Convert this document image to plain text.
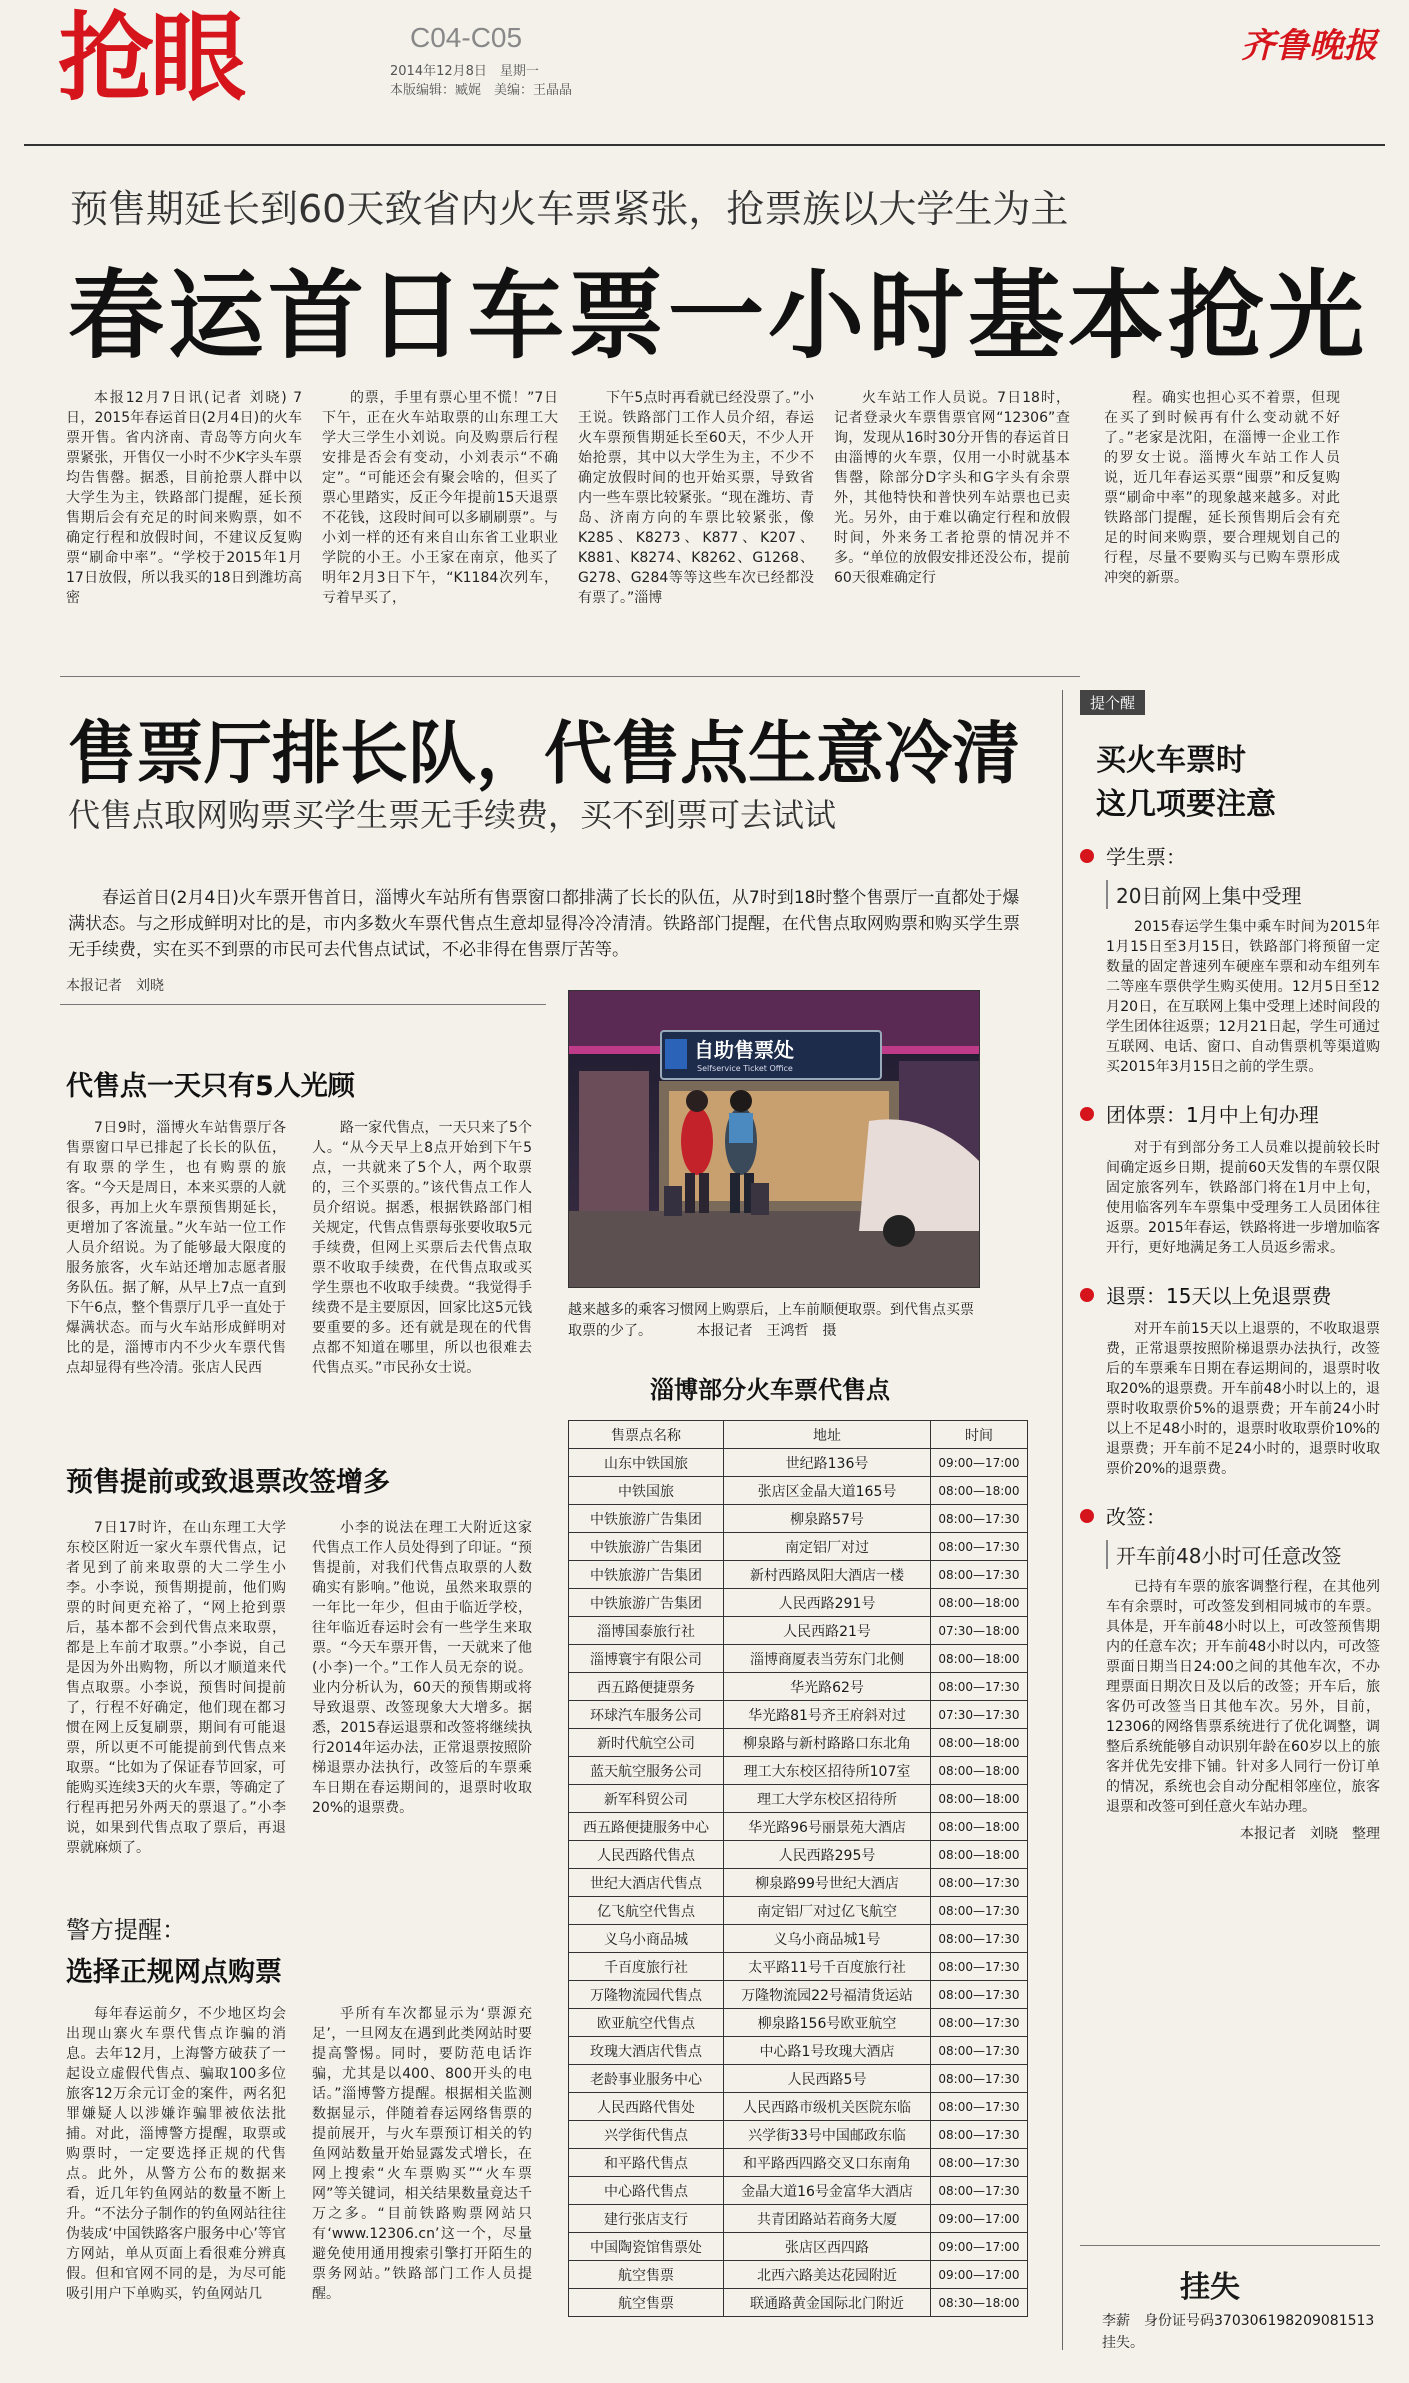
抢眼	C04-C05
2014年12月8日　星期一
本版编辑：臧娓　美编：王晶晶
齐鲁晚报
预售期延长到60天致省内火车票紧张，抢票族以大学生为主
春运首日车票一小时基本抢光

本报12月7日讯(记者 刘晓) 7日，2015年春运首日(2月4日)的火车票开售。省内济南、青岛等方向火车票紧张，开售仅一小时不少K字头车票均告售罄。据悉，目前抢票人群中以大学生为主，铁路部门提醒，延长预售期后会有充足的时间来购票，如不确定行程和放假时间，不建议反复购票“刷命中率”。“学校于2015年1月17日放假，所以我买的18日到潍坊高密

的票，手里有票心里不慌！”7日下午，正在火车站取票的山东理工大学大三学生小刘说。向及购票后行程安排是否会有变动，小刘表示“不确定”。“可能还会有聚会啥的，但买了票心里踏实，反正今年提前15天退票不花钱，这段时间可以多刷刷票”。与小刘一样的还有来自山东省工业职业学院的小王。小王家在南京，他买了明年2月3日下午，“K1184次列车，亏着早买了，

下午5点时再看就已经没票了。”小王说。铁路部门工作人员介绍，春运火车票预售期延长至60天，不少人开始抢票，其中以大学生为主，不少不确定放假时间的也开始买票，导致省内一些车票比较紧张。“现在潍坊、青岛、济南方向的车票比较紧张，像K285、K8273、K877、K207、K881、K8274、K8262、G1268、G278、G284等等这些车次已经都没有票了。”淄博

火车站工作人员说。7日18时，记者登录火车票售票官网“12306”查询，发现从16时30分开售的春运首日由淄博的火车票，仅用一小时就基本售罄，除部分D字头和G字头有余票外，其他特快和普快列车站票也已卖光。另外，由于难以确定行程和放假时间，外来务工者抢票的情况并不多。“单位的放假安排还没公布，提前60天很难确定行

程。确实也担心买不着票，但现在买了到时候再有什么变动就不好了。”老家是沈阳，在淄博一企业工作的罗女士说。淄博火车站工作人员说，近几年春运买票“囤票”和反复购票“刷命中率”的现象越来越多。对此铁路部门提醒，延长预售期后会有充足的时间来购票，要合理规划自己的行程，尽量不要购买与已购车票形成冲突的新票。

售票厅排长队，代售点生意冷清
代售点取网购票买学生票无手续费，买不到票可去试试

春运首日(2月4日)火车票开售首日，淄博火车站所有售票窗口都排满了长长的队伍，从7时到18时整个售票厅一直都处于爆满状态。与之形成鲜明对比的是，市内多数火车票代售点生意却显得冷冷清清。铁路部门提醒，在代售点取网购票和购买学生票无手续费，实在买不到票的市民可去代售点试试，不必非得在售票厅苦等。

本报记者　刘晓
代售点一天只有5人光顾

7日9时，淄博火车站售票厅各售票窗口早已排起了长长的队伍，有取票的学生，也有购票的旅客。“今天是周日，本来买票的人就很多，再加上火车票预售期延长，更增加了客流量。”火车站一位工作人员介绍说。为了能够最大限度的服务旅客，火车站还增加志愿者服务队伍。据了解，从早上7点一直到下午6点，整个售票厅几乎一直处于爆满状态。而与火车站形成鲜明对比的是，淄博市内不少火车票代售点却显得有些冷清。张店人民西

路一家代售点，一天只来了5个人。“从今天早上8点开始到下午5点，一共就来了5个人，两个取票的，三个买票的。”该代售点工作人员介绍说。据悉，根据铁路部门相关规定，代售点售票每张要收取5元手续费，但网上买票后去代售点取票不收取手续费，在代售点取或买学生票也不收取手续费。“我觉得手续费不是主要原因，回家比这5元钱要重要的多。还有就是现在的代售点都不知道在哪里，所以也很难去代售点买。”市民孙女士说。

预售提前或致退票改签增多

7日17时许，在山东理工大学东校区附近一家火车票代售点，记者见到了前来取票的大二学生小李。小李说，预售期提前，他们购票的时间更充裕了，“网上抢到票后，基本都不会到代售点来取票，都是上车前才取票。”小李说，自己是因为外出购物，所以才顺道来代售点取票。小李说，预售时间提前了，行程不好确定，他们现在都习惯在网上反复刷票，期间有可能退票，所以更不可能提前到代售点来取票。“比如为了保证春节回家，可能购买连续3天的火车票，等确定了行程再把另外两天的票退了。”小李说，如果到代售点取了票后，再退票就麻烦了。

小李的说法在理工大附近这家代售点工作人员处得到了印证。“预售提前，对我们代售点取票的人数确实有影响。”他说，虽然来取票的一年比一年少，但由于临近学校，往年临近春运时会有一些学生来取票。“今天车票开售，一天就来了他(小李)一个。”工作人员无奈的说。业内分析认为，60天的预售期或将导致退票、改签现象大大增多。据悉，2015春运退票和改签将继续执行2014年运办法，正常退票按照阶梯退票办法执行，改签后的车票乘车日期在春运期间的，退票时收取20%的退票费。

警方提醒：
选择正规网点购票

每年春运前夕，不少地区均会出现山寨火车票代售点诈骗的消息。去年12月，上海警方破获了一起设立虚假代售点、骗取100多位旅客12万余元订金的案件，两名犯罪嫌疑人以涉嫌诈骗罪被依法批捕。对此，淄博警方提醒，取票或购票时，一定要选择正规的代售点。此外，从警方公布的数据来看，近几年钓鱼网站的数量不断上升。“不法分子制作的钓鱼网站往往伪装成‘中国铁路客户服务中心’等官方网站，单从页面上看很难分辨真假。但和官网不同的是，为尽可能吸引用户下单购买，钓鱼网站几

乎所有车次都显示为‘票源充足’，一旦网友在遇到此类网站时要提高警惕。同时，要防范电话诈骗，尤其是以400、800开头的电话。”淄博警方提醒。根据相关监测数据显示，伴随着春运网络售票的提前展开，与火车票预订相关的钓鱼网站数量开始显露发式增长，在网上搜索“火车票购买”“火车票网”等关键词，相关结果数量竟达千万之多。“目前铁路购票网站只有‘www.12306.cn’这一个，尽量避免使用通用搜索引擎打开陌生的票务网站。”铁路部门工作人员提醒。

自助售票处
Selfservice Ticket Office
越来越多的乘客习惯网上购票后，上车前顺便取票。到代售点买票取票的少了。	本报记者　王鸿哲　摄
淄博部分火车票代售点
售票点名称	地址	时间
山东中铁国旅	世纪路136号	09:00—17:00
中铁国旅	张店区金晶大道165号	08:00—18:00
中铁旅游广告集团	柳泉路57号	08:00—17:30
中铁旅游广告集团	南定铝厂对过	08:00—17:30
中铁旅游广告集团	新村西路凤阳大酒店一楼	08:00—17:30
中铁旅游广告集团	人民西路291号	08:00—18:00
淄博国泰旅行社	人民西路21号	07:30—18:00
淄博寰宇有限公司	淄博商厦表当劳东门北侧	08:00—18:00
西五路便捷票务	华光路62号	08:00—17:30
环球汽车服务公司	华光路81号齐王府斜对过	07:30—17:30
新时代航空公司	柳泉路与新村路路口东北角	08:00—18:00
蓝天航空服务公司	理工大东校区招待所107室	08:00—18:00
新军科贸公司	理工大学东校区招待所	08:00—18:00
西五路便捷服务中心	华光路96号丽景苑大酒店	08:00—18:00
人民西路代售点	人民西路295号	08:00—18:00
世纪大酒店代售点	柳泉路99号世纪大酒店	08:00—17:30
亿飞航空代售点	南定铝厂对过亿飞航空	08:00—17:30
义乌小商品城	义乌小商品城1号	08:00—17:30
千百度旅行社	太平路11号千百度旅行社	08:00—17:30
万隆物流园代售点	万隆物流园22号福清货运站	08:00—17:30
欧亚航空代售点	柳泉路156号欧亚航空	08:00—17:30
玫瑰大酒店代售点	中心路1号玫瑰大酒店	08:00—17:30
老龄事业服务中心	人民西路5号	08:00—17:30
人民西路代售处	人民西路市级机关医院东临	08:00—17:30
兴学街代售点	兴学街33号中国邮政东临	08:00—17:30
和平路代售点	和平路西四路交叉口东南角	08:00—17:30
中心路代售点	金晶大道16号金富华大酒店	08:00—17:30
建行张店支行	共青团路站若商务大厦	09:00—17:00
中国陶瓷馆售票处	张店区西四路	09:00—17:00
航空售票	北西六路美达花园附近	09:00—17:00
航空售票	联通路黄金国际北门附近	08:30—18:00
提个醒
买火车票时
这几项要注意
学生票：
20日前网上集中受理

2015春运学生集中乘车时间为2015年1月15日至3月15日，铁路部门将预留一定数量的固定普速列车硬座车票和动车组列车二等座车票供学生购买使用。12月5日至12月20日，在互联网上集中受理上述时间段的学生团体往返票；12月21日起，学生可通过互联网、电话、窗口、自动售票机等渠道购买2015年3月15日之前的学生票。

团体票：1月中上旬办理

对于有到部分务工人员难以提前较长时间确定返乡日期，提前60天发售的车票仅限固定旅客列车，铁路部门将在1月中上旬，使用临客列车车票集中受理务工人员团体往返票。2015年春运，铁路将进一步增加临客开行，更好地满足务工人员返乡需求。

退票：15天以上免退票费

对开车前15天以上退票的，不收取退票费，正常退票按照阶梯退票办法执行，改签后的车票乘车日期在春运期间的，退票时收取20%的退票费。开车前48小时以上的，退票时收取票价5%的退票费；开车前24小时以上不足48小时的，退票时收取票价10%的退票费；开车前不足24小时的，退票时收取票价20%的退票费。

改签：
开车前48小时可任意改签

已持有车票的旅客调整行程，在其他列车有余票时，可改签发到相同城市的车票。具体是，开车前48小时以上，可改签预售期内的任意车次；开车前48小时以内，可改签票面日期当日24:00之间的其他车次，不办理票面日期次日及以后的改签；开车后，旅客仍可改签当日其他车次。另外，目前，12306的网络售票系统进行了优化调整，调整后系统能够自动识别年龄在60岁以上的旅客并优先安排下铺。针对多人同行一份订单的情况，系统也会自动分配相邻座位，旅客退票和改签可到任意火车站办理。

本报记者　刘晓　整理
挂失
李薪　身份证号码370306198209081513挂失。
